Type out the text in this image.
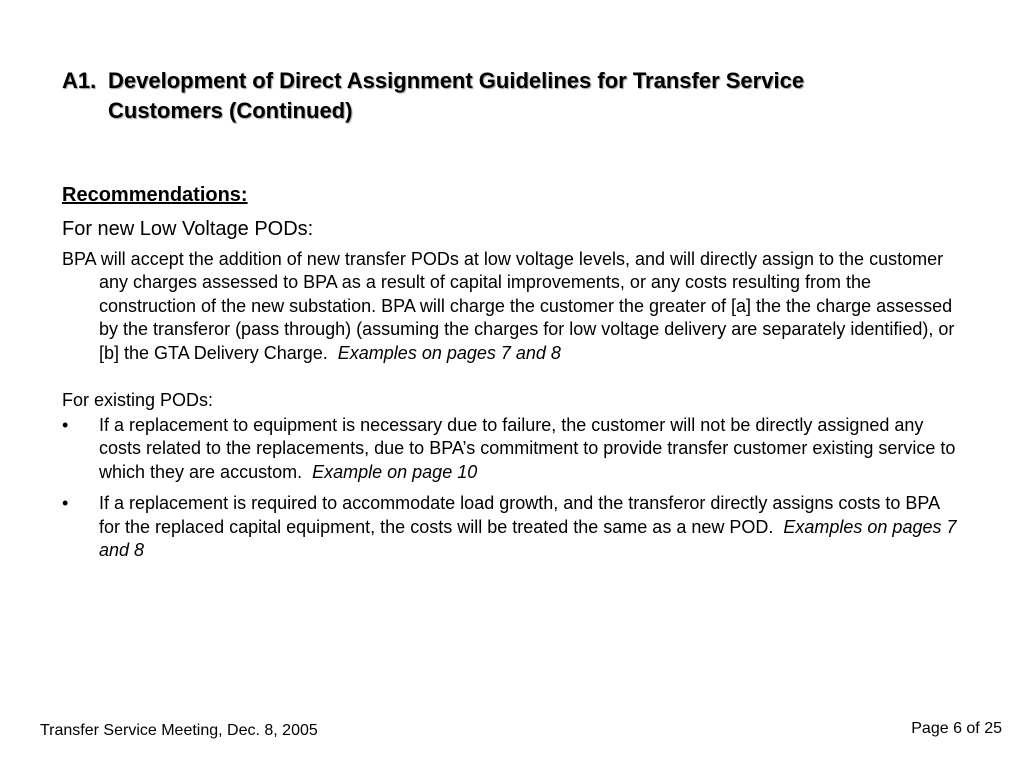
A1. Development of Direct Assignment Guidelines for Transfer Service
Customers (Continued)
Recommendations:
For new Low Voltage PODs:

BPA will accept the addition of new transfer PODs at low voltage levels, and will directly assign to the customer any charges assessed to BPA as a result of capital improvements, or any costs resulting from the construction of the new substation. BPA will charge the customer the greater of [a] the the charge assessed by the transferor (pass through) (assuming the charges for low voltage delivery are separately identified), or [b] the GTA Delivery Charge. Examples on pages 7 and 8

For existing PODs:
•	If a replacement to equipment is necessary due to failure, the customer will not be directly assigned any costs related to the replacements, due to BPA’s commitment to provide transfer customer existing service to which they are accustom. Example on page 10
•	If a replacement is required to accommodate load growth, and the transferor directly assigns costs to BPA for the replaced capital equipment, the costs will be treated the same as a new POD. Examples on pages 7 and 8
Transfer Service Meeting, Dec. 8, 2005	Page 6 of 25
